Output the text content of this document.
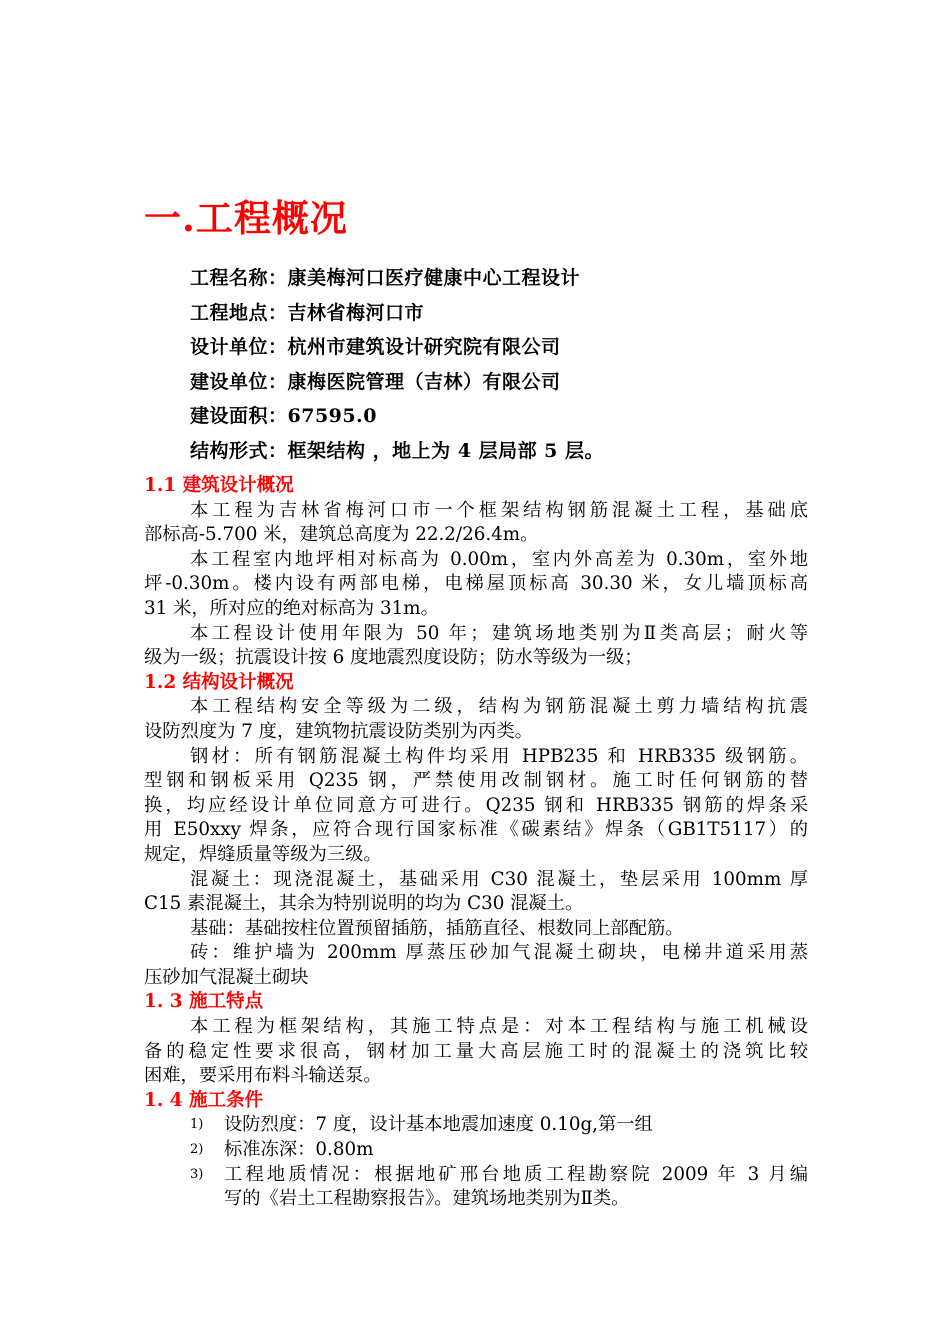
一.工程概况
工程名称：康美梅河口医疗健康中心工程设计
工程地点：吉林省梅河口市
设计单位：杭州市建筑设计研究院有限公司
建设单位：康梅医院管理（吉林）有限公司
建设面积：67595.0
结构形式：框架结构 ，地上为 4 层局部 5 层。
1.1 建筑设计概况
本工程为吉林省梅河口市一个框架结构钢筋混凝土工程，基础底
部标高-5.700 米，建筑总高度为 22.2/26.4m。
本工程室内地坪相对标高为 0.00m，室内外高差为 0.30m，室外地
坪-0.30m。楼内设有两部电梯，电梯屋顶标高 30.30 米，女儿墙顶标高
31 米，所对应的绝对标高为 31m。
本工程设计使用年限为 50 年；建筑场地类别为Ⅱ类高层；耐火等
级为一级；抗震设计按 6 度地震烈度设防；防水等级为一级；
1.2 结构设计概况
本工程结构安全等级为二级，结构为钢筋混凝土剪力墙结构抗震
设防烈度为 7 度，建筑物抗震设防类别为丙类。
钢材：所有钢筋混凝土构件均采用 HPB235 和 HRB335 级钢筋。
型钢和钢板采用 Q235 钢，严禁使用改制钢材。施工时任何钢筋的替
换，均应经设计单位同意方可进行。Q235 钢和 HRB335 钢筋的焊条采
用 E50xxy 焊条，应符合现行国家标准《碳素结》焊条（GB1T5117）的
规定，焊缝质量等级为三级。
混凝土：现浇混凝土，基础采用 C30 混凝土，垫层采用 100mm 厚
C15 素混凝土，其余为特别说明的均为 C30 混凝土。
基础：基础按柱位置预留插筋，插筋直径、根数同上部配筋。
砖：维护墙为 200mm 厚蒸压砂加气混凝土砌块，电梯井道采用蒸
压砂加气混凝土砌块
1. 3 施工特点
本工程为框架结构，其施工特点是：对本工程结构与施工机械设
备的稳定性要求很高，钢材加工量大高层施工时的混凝土的浇筑比较
困难，要采用布料斗输送泵。
1. 4 施工条件
1) 设防烈度：7 度，设计基本地震加速度 0.10g,第一组
2) 标准冻深：0.80m
3) 工程地质情况：根据地矿邢台地质工程勘察院 2009 年 3 月编
写的《岩土工程勘察报告》。建筑场地类别为Ⅱ类。
